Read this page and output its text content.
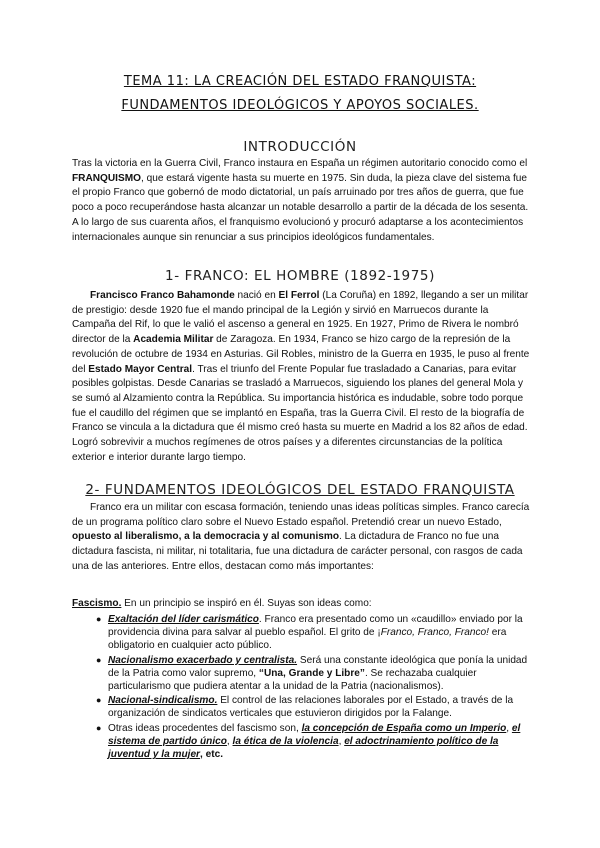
TEMA 11: LA CREACIÓN DEL ESTADO FRANQUISTA:
FUNDAMENTOS IDEOLÓGICOS Y APOYOS SOCIALES.
INTRODUCCIÓN
Tras la victoria en la Guerra Civil, Franco instaura en España un régimen autoritario conocido como el FRANQUISMO, que estará vigente hasta su muerte en 1975. Sin duda, la pieza clave del sistema fue el propio Franco que gobernó de modo dictatorial, un país arruinado por tres años de guerra, que fue poco a poco recuperándose hasta alcanzar un notable desarrollo a partir de la década de los sesenta. A lo largo de sus cuarenta años, el franquismo evolucionó y procuró adaptarse a los acontecimientos internacionales aunque sin renunciar a sus principios ideológicos fundamentales.
1- FRANCO: EL HOMBRE (1892-1975)
Francisco Franco Bahamonde nació en El Ferrol (La Coruña) en 1892, llegando a ser un militar de prestigio: desde 1920 fue el mando principal de la Legión y sirvió en Marruecos durante la Campaña del Rif, lo que le valió el ascenso a general en 1925. En 1927, Primo de Rivera le nombró director de la Academia Militar de Zaragoza. En 1934, Franco se hizo cargo de la represión de la revolución de octubre de 1934 en Asturias. Gil Robles, ministro de la Guerra en 1935, le puso al frente del Estado Mayor Central. Tras el triunfo del Frente Popular fue trasladado a Canarias, para evitar posibles golpistas. Desde Canarias se trasladó a Marruecos, siguiendo los planes del general Mola y se sumó al Alzamiento contra la República. Su importancia histórica es indudable, sobre todo porque fue el caudillo del régimen que se implantó en España, tras la Guerra Civil. El resto de la biografía de Franco se vincula a la dictadura que él mismo creó hasta su muerte en Madrid a los 82 años de edad. Logró sobrevivir a muchos regímenes de otros países y a diferentes circunstancias de la política exterior e interior durante largo tiempo.
2- FUNDAMENTOS IDEOLÓGICOS DEL ESTADO FRANQUISTA
Franco era un militar con escasa formación, teniendo unas ideas políticas simples. Franco carecía de un programa político claro sobre el Nuevo Estado español. Pretendió crear un nuevo Estado, opuesto al liberalismo, a la democracia y al comunismo. La dictadura de Franco no fue una dictadura fascista, ni militar, ni totalitaria, fue una dictadura de carácter personal, con rasgos de cada una de las anteriores. Entre ellos, destacan como más importantes:
Fascismo. En un principio se inspiró en él. Suyas son ideas como:
● Exaltación del líder carismático. Franco era presentado como un «caudillo» enviado por la providencia divina para salvar al pueblo español. El grito de ¡Franco, Franco, Franco! era obligatorio en cualquier acto público.
● Nacionalismo exacerbado y centralista. Será una constante ideológica que ponía la unidad de la Patria como valor supremo, “Una, Grande y Libre”. Se rechazaba cualquier particularismo que pudiera atentar a la unidad de la Patria (nacionalismos).
● Nacional-sindicalismo. El control de las relaciones laborales por el Estado, a través de la organización de sindicatos verticales que estuvieron dirigidos por la Falange.
● Otras ideas procedentes del fascismo son, la concepción de España como un Imperio, el sistema de partido único, la ética de la violencia, el adoctrinamiento político de la juventud y la mujer, etc.
